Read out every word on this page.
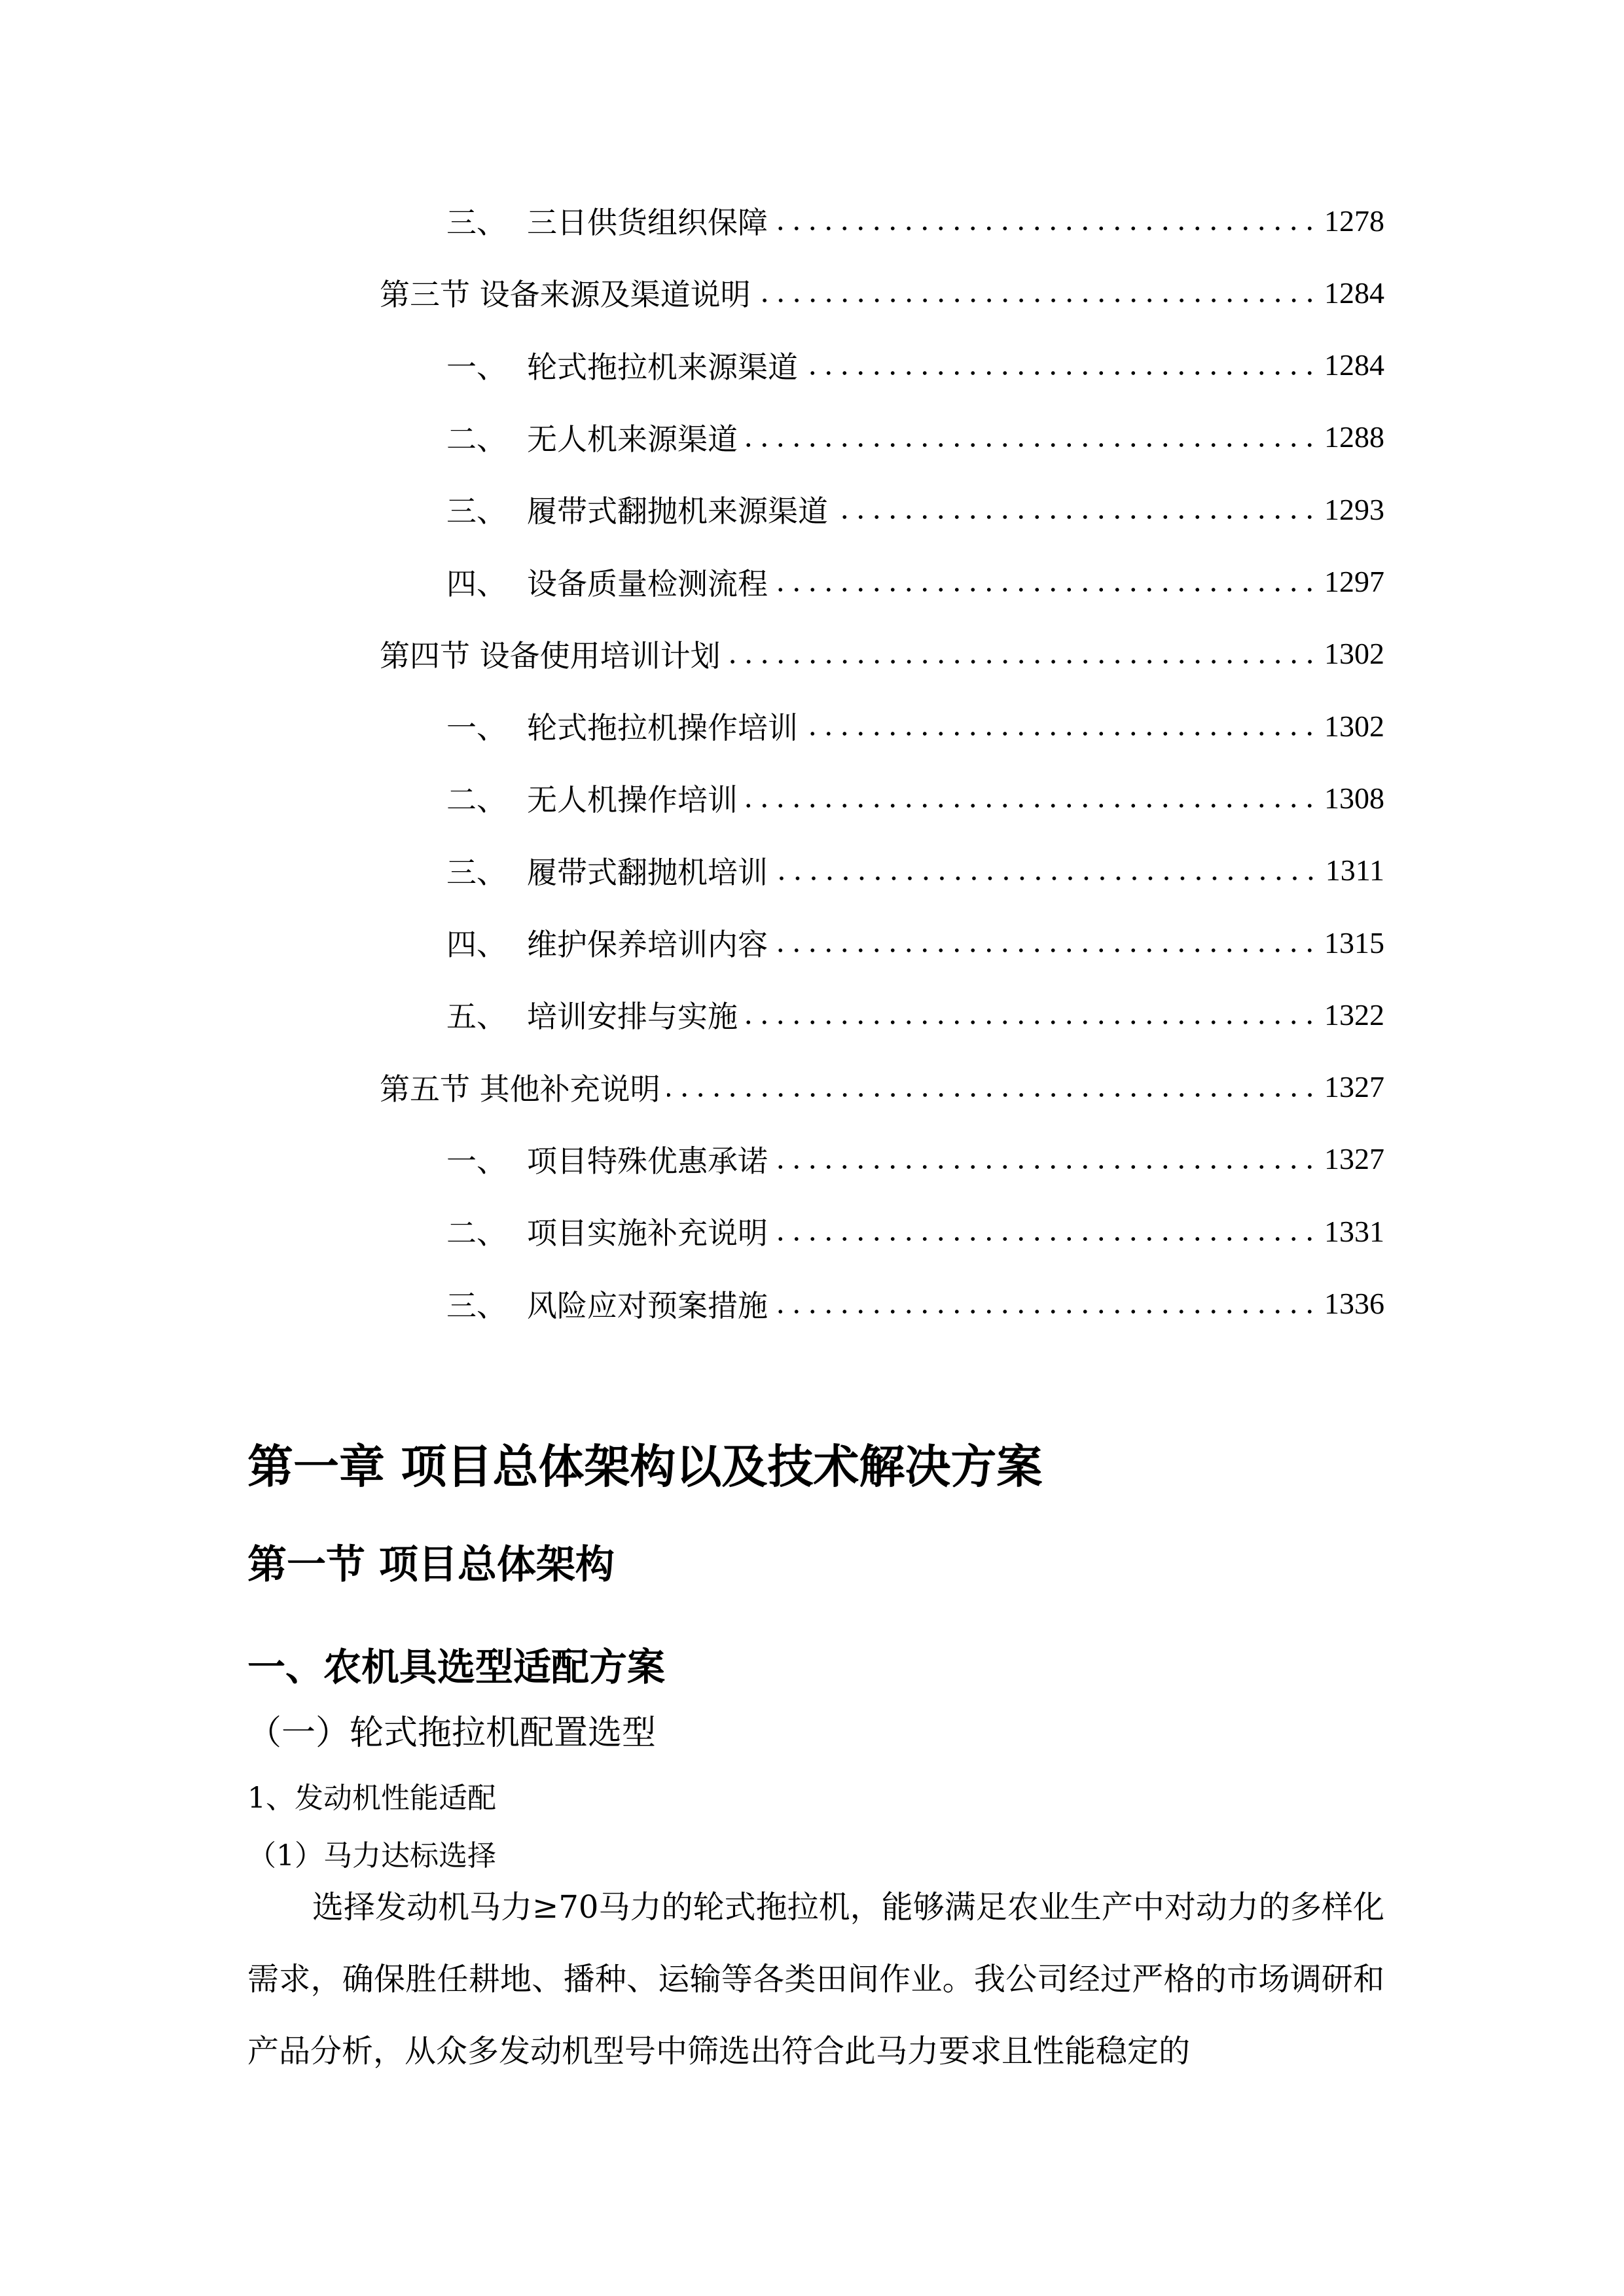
三、 三日供货组织保障	1278
第三节 设备来源及渠道说明	1284
一、 轮式拖拉机来源渠道	1284
二、 无人机来源渠道	1288
三、 履带式翻抛机来源渠道	1293
四、 设备质量检测流程	1297
第四节 设备使用培训计划	1302
一、 轮式拖拉机操作培训	1302
二、 无人机操作培训	1308
三、 履带式翻抛机培训	1311
四、 维护保养培训内容	1315
五、 培训安排与实施	1322
第五节 其他补充说明	1327
一、 项目特殊优惠承诺	1327
二、 项目实施补充说明	1331
三、 风险应对预案措施	1336
第一章 项目总体架构以及技术解决方案
第一节 项目总体架构
一、农机具选型适配方案
（一）轮式拖拉机配置选型
1、发动机性能适配
（1）马力达标选择
选择发动机马力≥70马力的轮式拖拉机，能够满足农业生产中对动力的多样化需求，确保胜任耕地、播种、运输等各类田间作业。我公司经过严格的市场调研和产品分析，从众多发动机型号中筛选出符合此马力要求且性能稳定的
